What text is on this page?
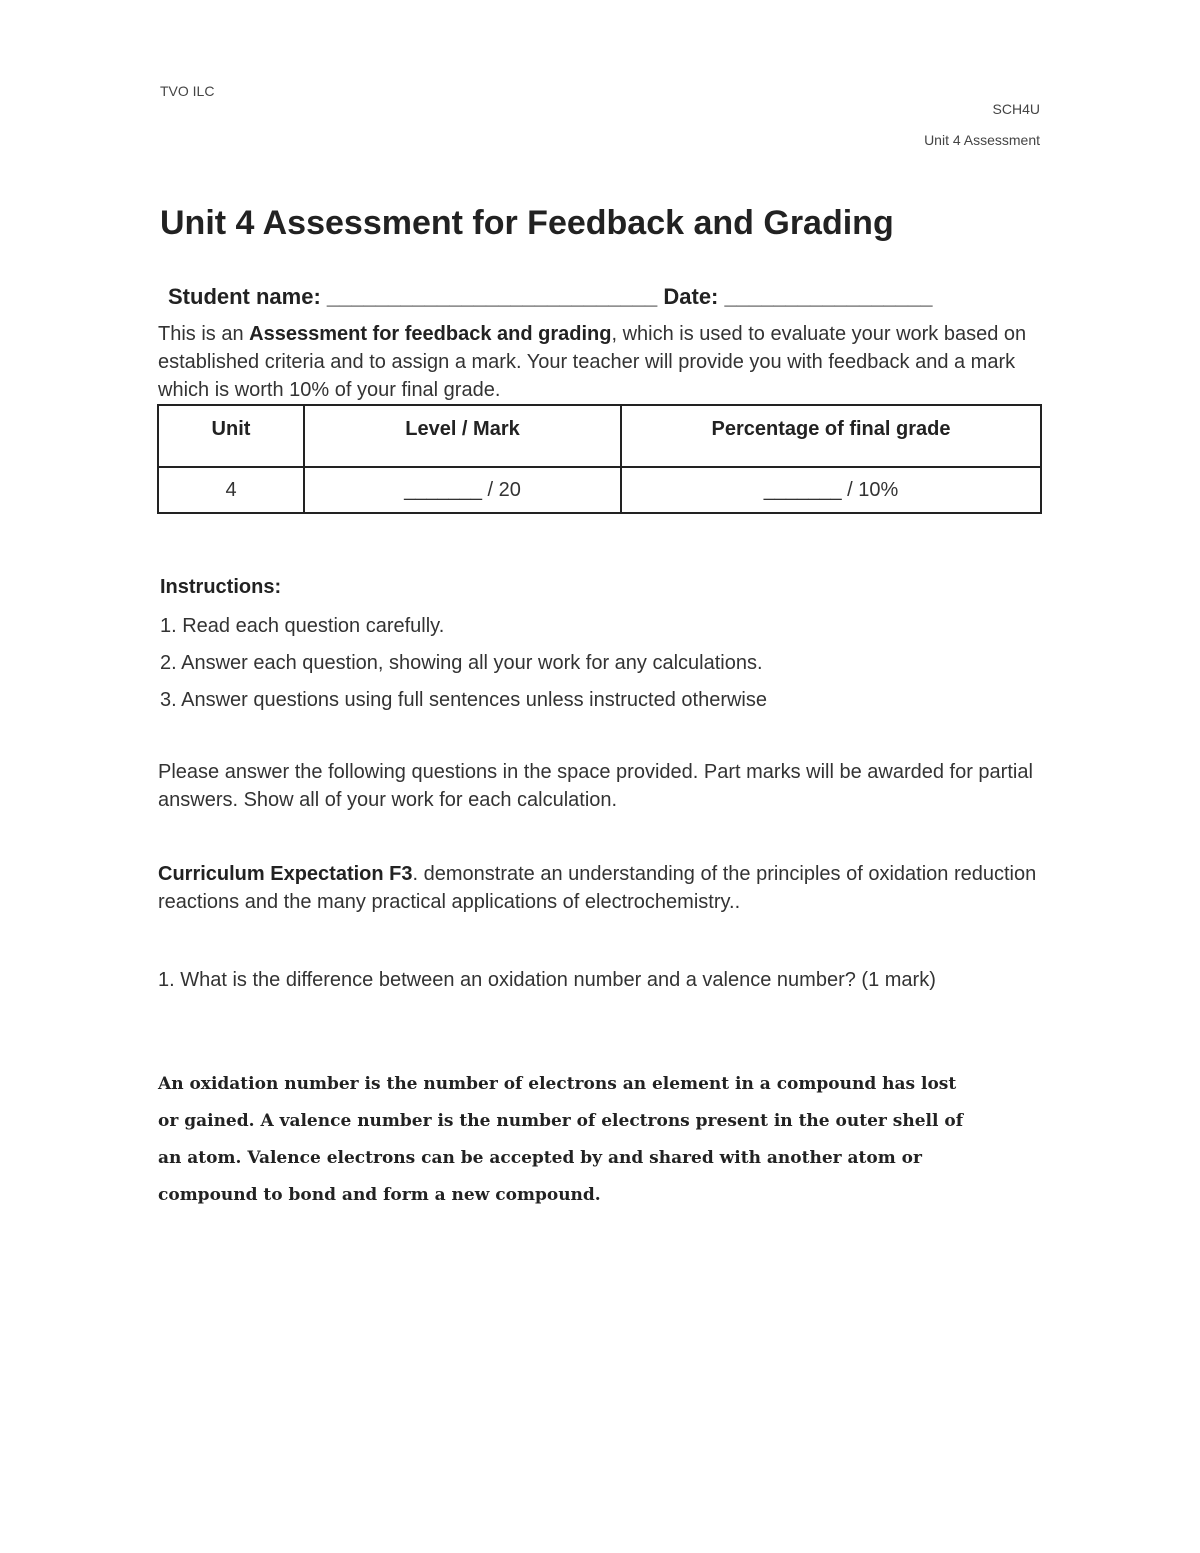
TVO ILC
SCH4U
Unit 4 Assessment
Unit 4 Assessment for Feedback and Grading
Student name: ___________________________ Date: _________________
This is an Assessment for feedback and grading, which is used to evaluate your work based on established criteria and to assign a mark. Your teacher will provide you with feedback and a mark which is worth 10% of your final grade.
Unit	Level / Mark	Percentage of final grade
4	_______ / 20	_______ / 10%
Instructions:
1. Read each question carefully.
2. Answer each question, showing all your work for any calculations.
3. Answer questions using full sentences unless instructed otherwise
Please answer the following questions in the space provided. Part marks will be awarded for partial answers. Show all of your work for each calculation.
Curriculum Expectation F3. demonstrate an understanding of the principles of oxidation reduction reactions and the many practical applications of electrochemistry..
1. What is the difference between an oxidation number and a valence number? (1 mark)
An oxidation number is the number of electrons an element in a compound has lost or gained. A valence number is the number of electrons present in the outer shell of an atom. Valence electrons can be accepted by and shared with another atom or compound to bond and form a new compound.
